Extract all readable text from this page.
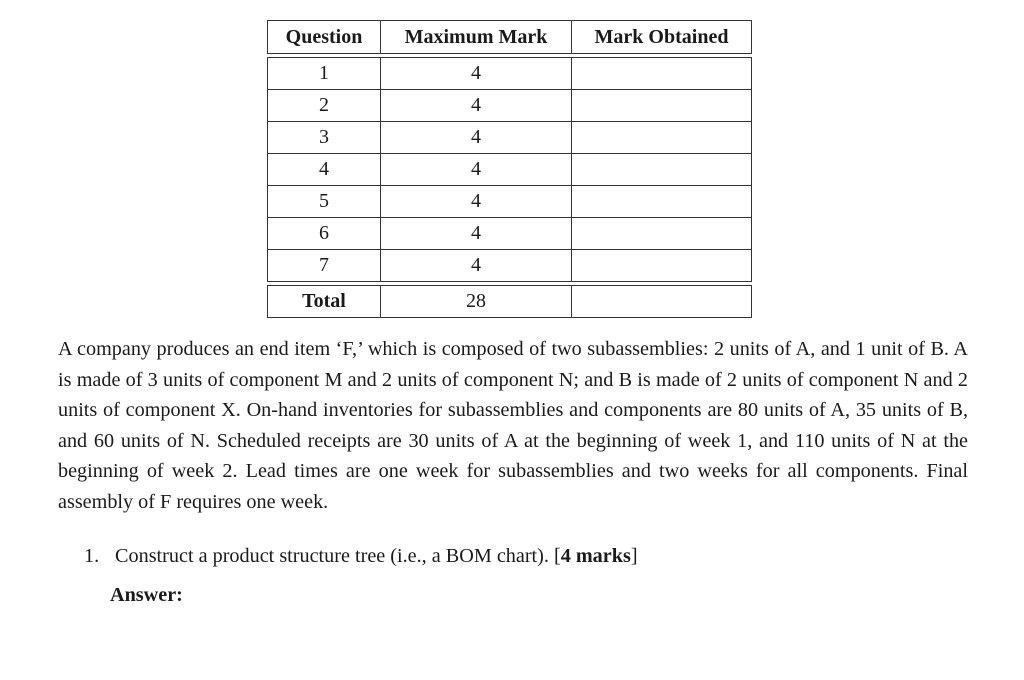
Question	Maximum Mark	Mark Obtained

1	4	
2	4	
3	4	
4	4	
5	4	
6	4	
7	4	

Total	28	

A company produces an end item ‘F,’ which is composed of two subassemblies: 2 units of A, and 1 unit of B. A is made of 3 units of component M and 2 units of component N; and B is made of 2 units of component N and 2 units of component X. On-hand inventories for subassemblies and components are 80 units of A, 35 units of B, and 60 units of N. Scheduled receipts are 30 units of A at the beginning of week 1, and 110 units of N at the beginning of week 2. Lead times are one week for subassemblies and two weeks for all components. Final assembly of F requires one week.

1. Construct a product structure tree (i.e., a BOM chart). [4 marks]
Answer:
